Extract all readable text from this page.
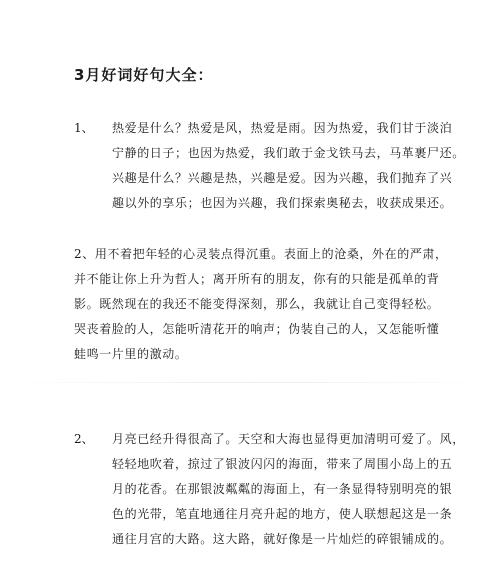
3月好词好句大全：
1、 热爱是什么？热爱是风，热爱是雨。因为热爱，我们甘于淡泊
宁静的日子；也因为热爱，我们敢于金戈铁马去，马革裹尸还。
兴趣是什么？兴趣是热，兴趣是爱。因为兴趣，我们抛弃了兴
趣以外的享乐；也因为兴趣，我们探索奥秘去，收获成果还。
2、用不着把年轻的心灵装点得沉重。表面上的沧桑，外在的严肃，
并不能让你上升为哲人；离开所有的朋友，你有的只能是孤单的背
影。既然现在的我还不能变得深刻，那么，我就让自己变得轻松。
哭丧着脸的人，怎能听清花开的响声；伪装自己的人，又怎能听懂
蛙鸣一片里的激动。
2、 月亮已经升得很高了。天空和大海也显得更加清明可爱了。风，
轻轻地吹着，掠过了银波闪闪的海面，带来了周围小岛上的五
月的花香。在那银波粼粼的海面上，有一条显得特别明亮的银
色的光带，笔直地通往月亮升起的地方，使人联想起这是一条
通往月宫的大路。这大路，就好像是一片灿烂的碎银铺成的。
